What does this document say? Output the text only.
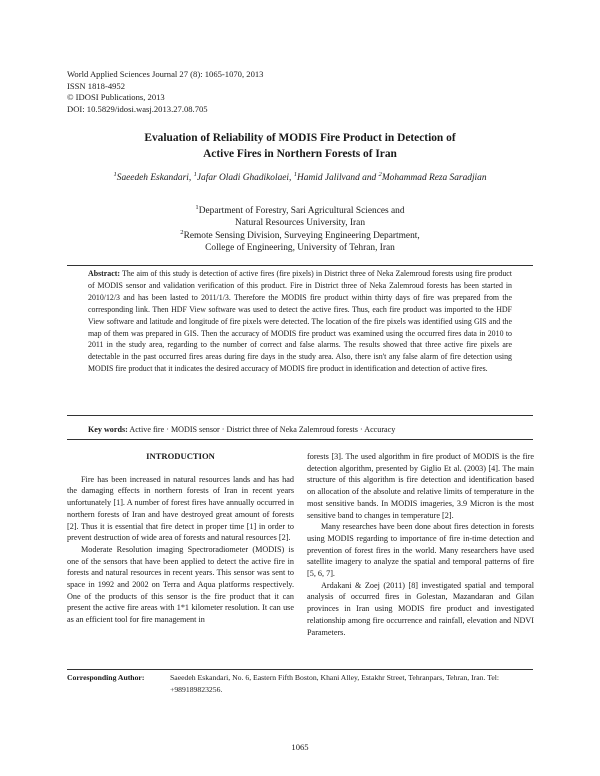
World Applied Sciences Journal 27 (8): 1065-1070, 2013
ISSN 1818-4952
© IDOSI Publications, 2013
DOI: 10.5829/idosi.wasj.2013.27.08.705
Evaluation of Reliability of MODIS Fire Product in Detection of
Active Fires in Northern Forests of Iran
$^1$Saeedeh Eskandari, $^1$Jafar Oladi Ghadikolaei, $^1$Hamid Jalilvand and $^2$Mohammad Reza Saradjian
$^1$Department of Forestry, Sari Agricultural Sciences and
Natural Resources University, Iran
$^2$Remote Sensing Division, Surveying Engineering Department,
College of Engineering, University of Tehran, Iran
Abstract: The aim of this study is detection of active fires (fire pixels) in District three of Neka Zalemroud forests using fire product of MODIS sensor and validation verification of this product. Fire in District three of Neka Zalemroud forests has been started in 2010/12/3 and has been lasted to 2011/1/3. Therefore the MODIS fire product within thirty days of fire was prepared from the corresponding link. Then HDF View software was used to detect the active fires. Thus, each fire product was imported to the HDF View software and latitude and longitude of fire pixels were detected. The location of the fire pixels was identified using GIS and the map of them was prepared in GIS. Then the accuracy of MODIS fire product was examined using the occurred fires data in 2010 to 2011 in the study area, regarding to the number of correct and false alarms. The results showed that three active fire pixels are detectable in the past occurred fires areas during fire days in the study area. Also, there isn't any false alarm of fire detection using MODIS fire product that it indicates the desired accuracy of MODIS fire product in identification and detection of active fires.
Key words: Active fire · MODIS sensor · District three of Neka Zalemroud forests · Accuracy

INTRODUCTION

Fire has been increased in natural resources lands and has had the damaging effects in northern forests of Iran in recent years unfortunately [1]. A number of forest fires have annually occurred in northern forests of Iran and have destroyed great amount of forests [2]. Thus it is essential that fire detect in proper time [1] in order to prevent destruction of wide area of forests and natural resources [2].

Moderate Resolution imaging Spectroradiometer (MODIS) is one of the sensors that have been applied to detect the active fire in forests and natural resources in recent years. This sensor was sent to space in 1992 and 2002 on Terra and Aqua platforms respectively. One of the products of this sensor is the fire product that it can present the active fire areas with 1*1 kilometer resolution. It can use as an efficient tool for fire management in

forests [3]. The used algorithm in fire product of MODIS is the fire detection algorithm, presented by Giglio Et al. (2003) [4]. The main structure of this algorithm is fire detection and identification based on allocation of the absolute and relative limits of temperature in the most sensitive bands. In MODIS imageries, 3.9 Micron is the most sensitive band to changes in temperature [2].

Many researches have been done about fires detection in forests using MODIS regarding to importance of fire in-time detection and prevention of forest fires in the world. Many researchers have used satellite imagery to analyze the spatial and temporal patterns of fire [5, 6, 7].

Ardakani & Zoej (2011) [8] investigated spatial and temporal analysis of occurred fires in Golestan, Mazandaran and Gilan provinces in Iran using MODIS fire product and investigated relationship among fire occurrence and rainfall, elevation and NDVI Parameters.

Corresponding Author:	Saeedeh Eskandari, No. 6, Eastern Fifth Boston, Khani Alley, Estakhr Street, Tehranpars, Tehran, Iran. Tel: +989189823256.
1065
